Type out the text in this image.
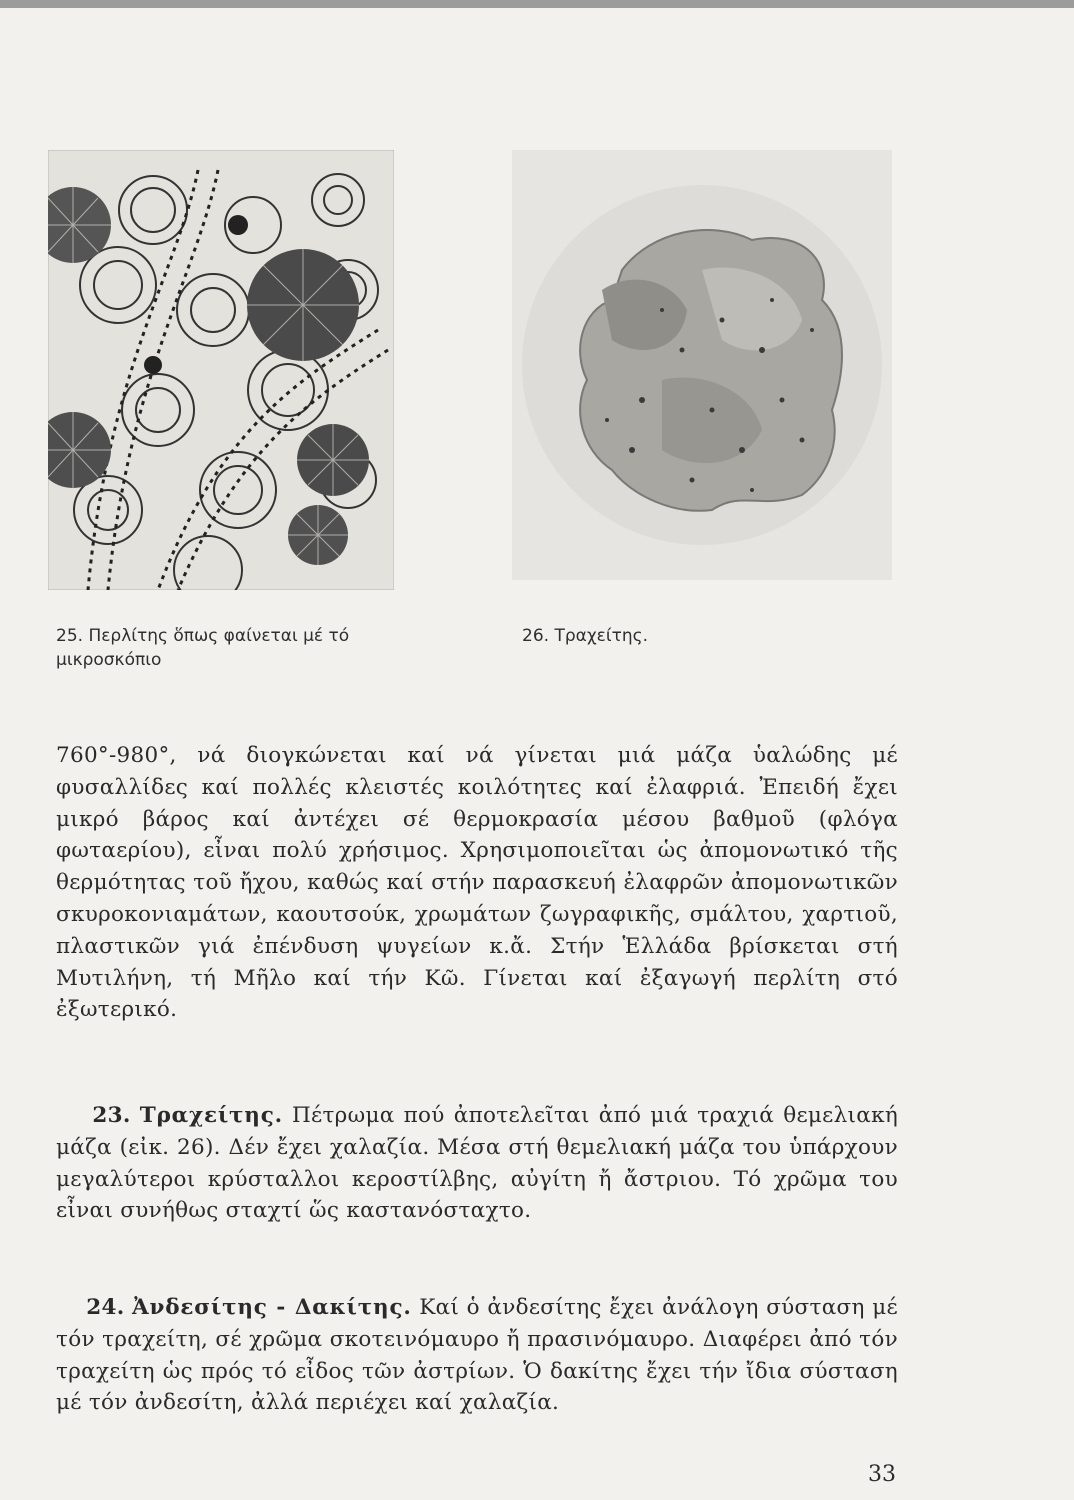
25. Περλίτης ὅπως φαίνεται μέ τό
μικροσκόπιο
26. Τραχείτης.
760°-980°, νά διογκώνεται καί νά γίνεται μιά μάζα ὑαλώδης μέ φυσαλλίδες καί πολλές κλειστές κοιλότητες καί ἐλαφριά. Ἐπειδή ἔχει μικρό βάρος καί ἀντέχει σέ θερμοκρασία μέσου βαθμοῦ (φλόγα φωταερίου), εἶναι πολύ χρήσιμος. Χρησιμοποιεῖται ὡς ἀπομονωτικό τῆς θερμότητας τοῦ ἤχου, καθώς καί στήν παρασκευή ἐλαφρῶν ἀπομονωτικῶν σκυροκονιαμάτων, καουτσούκ, χρωμάτων ζωγραφικῆς, σμάλτου, χαρτιοῦ, πλαστικῶν γιά ἐπένδυση ψυγείων κ.ἄ. Στήν Ἑλλάδα βρίσκεται στή Μυτιλήνη, τή Μῆλο καί τήν Κῶ. Γίνεται καί ἐξαγωγή περλίτη στό ἐξωτερικό.
23. Τραχείτης. Πέτρωμα πού ἀποτελεῖται ἀπό μιά τραχιά θεμελιακή μάζα (εἰκ. 26). Δέν ἔχει χαλαζία. Μέσα στή θεμελιακή μάζα του ὑπάρχουν μεγαλύτεροι κρύσταλλοι κεροστίλβης, αὐγίτη ἤ ἄστριου. Τό χρῶμα του εἶναι συνήθως σταχτί ὥς καστανόσταχτο.
24. Ἀνδεσίτης - Δακίτης. Καί ὁ ἀνδεσίτης ἔχει ἀνάλογη σύσταση μέ τόν τραχείτη, σέ χρῶμα σκοτεινόμαυρο ἤ πρασινόμαυρο. Διαφέρει ἀπό τόν τραχείτη ὡς πρός τό εἶδος τῶν ἀστρίων. Ὁ δακίτης ἔχει τήν ἴδια σύσταση μέ τόν ἀνδεσίτη, ἀλλά περιέχει καί χαλαζία.
33
